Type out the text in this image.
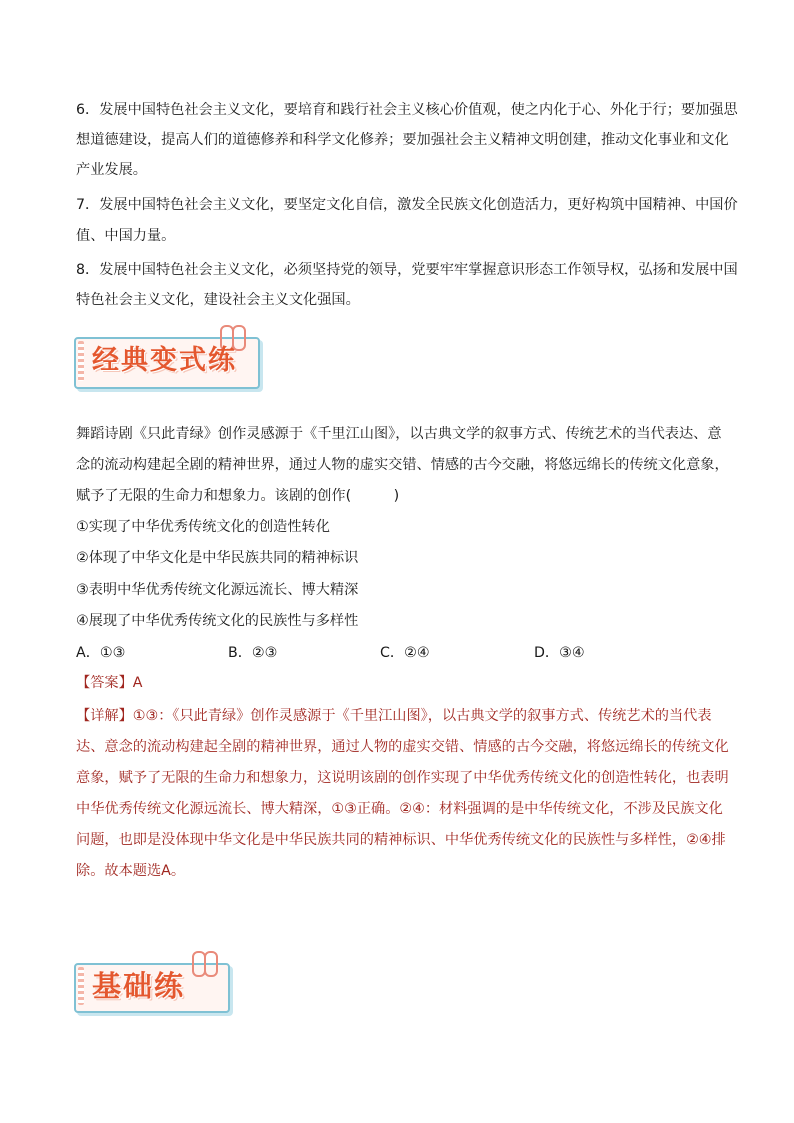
6．发展中国特色社会主义文化，要培育和践行社会主义核心价值观，使之内化于心、外化于行；要加强思

想道德建设，提高人们的道德修养和科学文化修养；要加强社会主义精神文明创建，推动文化事业和文化

产业发展。

7．发展中国特色社会主义文化，要坚定文化自信，激发全民族文化创造活力，更好构筑中国精神、中国价

值、中国力量。

8．发展中国特色社会主义文化，必须坚持党的领导，党要牢牢掌握意识形态工作领导权，弘扬和发展中国

特色社会主义文化，建设社会主义文化强国。

经典变式练

舞蹈诗剧《只此青绿》创作灵感源于《千里江山图》，以古典文学的叙事方式、传统艺术的当代表达、意

念的流动构建起全剧的精神世界，通过人物的虚实交错、情感的古今交融，将悠远绵长的传统文化意象，

赋予了无限的生命力和想象力。该剧的创作(　　　)

①实现了中华优秀传统文化的创造性转化

②体现了中华文化是中华民族共同的精神标识

③表明中华优秀传统文化源远流长、博大精深

④展现了中华优秀传统文化的民族性与多样性

A．①③	B．②③	C．②④	D．③④

【答案】A

【详解】①③：《只此青绿》创作灵感源于《千里江山图》，以古典文学的叙事方式、传统艺术的当代表

达、意念的流动构建起全剧的精神世界，通过人物的虚实交错、情感的古今交融，将悠远绵长的传统文化

意象，赋予了无限的生命力和想象力，这说明该剧的创作实现了中华优秀传统文化的创造性转化，也表明

中华优秀传统文化源远流长、博大精深，①③正确。②④：材料强调的是中华传统文化，不涉及民族文化

问题，也即是没体现中华文化是中华民族共同的精神标识、中华优秀传统文化的民族性与多样性，②④排

除。故本题选A。

基础练
